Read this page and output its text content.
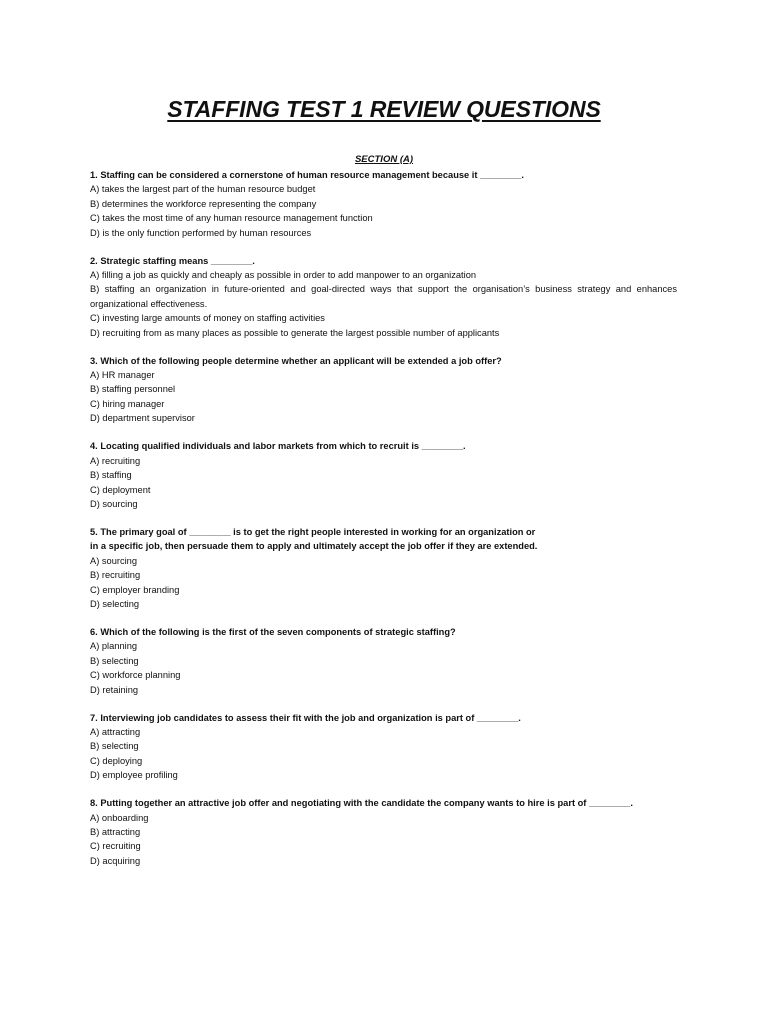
STAFFING TEST 1 REVIEW QUESTIONS

SECTION (A)

1. Staffing can be considered a cornerstone of human resource management because it ________.

A) takes the largest part of the human resource budget

B) determines the workforce representing the company

C) takes the most time of any human resource management function

D) is the only function performed by human resources

2. Strategic staffing means ________.

A) filling a job as quickly and cheaply as possible in order to add manpower to an organization

B) staffing an organization in future-oriented and goal-directed ways that support the organisation’s business strategy and enhances organizational effectiveness.

C) investing large amounts of money on staffing activities

D) recruiting from as many places as possible to generate the largest possible number of applicants

3. Which of the following people determine whether an applicant will be extended a job offer?

A) HR manager

B) staffing personnel

C) hiring manager

D) department supervisor

4. Locating qualified individuals and labor markets from which to recruit is ________.

A) recruiting

B) staffing

C) deployment

D) sourcing

5. The primary goal of ________ is to get the right people interested in working for an organization or
in a specific job, then persuade them to apply and ultimately accept the job offer if they are extended.

A) sourcing

B) recruiting

C) employer branding

D) selecting

6. Which of the following is the first of the seven components of strategic staffing?

A) planning

B) selecting

C) workforce planning

D) retaining

7. Interviewing job candidates to assess their fit with the job and organization is part of ________.

A) attracting

B) selecting

C) deploying

D) employee profiling

8. Putting together an attractive job offer and negotiating with the candidate the company wants to hire is part of ________.

A) onboarding

B) attracting

C) recruiting

D) acquiring
